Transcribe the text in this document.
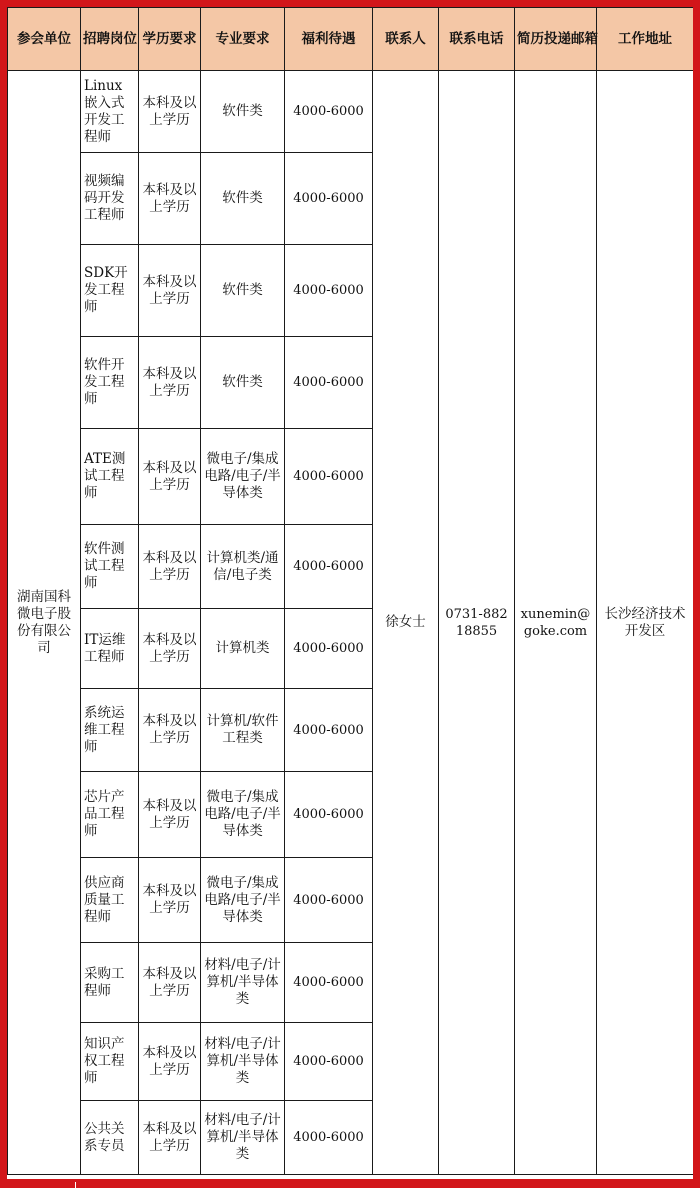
参会单位	招聘岗位	学历要求	专业要求	福利待遇	联系人	联系电话	简历投递邮箱	工作地址
湖南国科微电子股份有限公司	Linux 嵌入式开发工程师	本科及以上学历	软件类	4000-6000	徐女士	0731-88218855	xunemin@goke.com	长沙经济技术开发区
	视频编码开发工程师	本科及以上学历	软件类	4000-6000				
	SDK开发工程师	本科及以上学历	软件类	4000-6000				
	软件开发工程师	本科及以上学历	软件类	4000-6000				
	ATE测试工程师	本科及以上学历	微电子/集成电路/电子/半导体类	4000-6000				
	软件测试工程师	本科及以上学历	计算机类/通信/电子类	4000-6000				
	IT运维工程师	本科及以上学历	计算机类	4000-6000				
	系统运维工程师	本科及以上学历	计算机/软件工程类	4000-6000				
	芯片产品工程师	本科及以上学历	微电子/集成电路/电子/半导体类	4000-6000				
	供应商质量工程师	本科及以上学历	微电子/集成电路/电子/半导体类	4000-6000				
	采购工程师	本科及以上学历	材料/电子/计算机/半导体类	4000-6000				
	知识产权工程师	本科及以上学历	材料/电子/计算机/半导体类	4000-6000				
	公共关系专员	本科及以上学历	材料/电子/计算机/半导体类	4000-6000				
